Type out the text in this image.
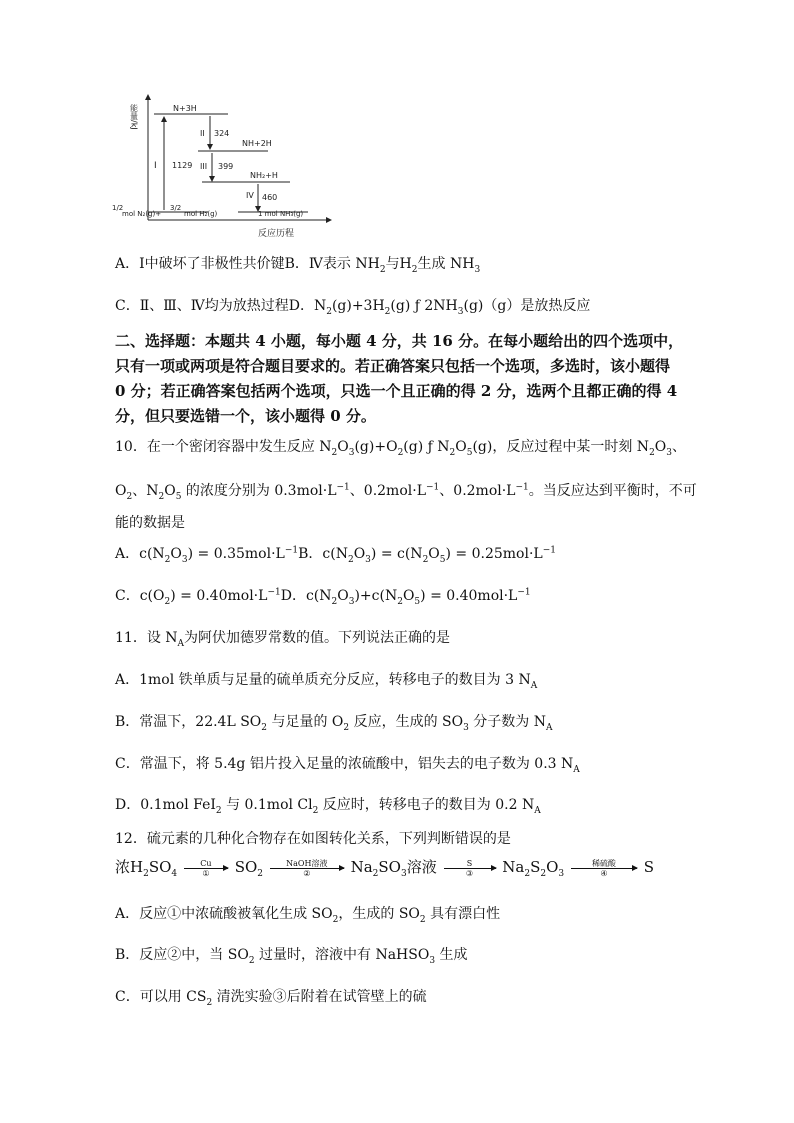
能量/kJ
反应历程
N+3H
NH+2H
NH₂+H
1 mol NH₃(g)
1/2
mol N₂(g)+
3/2
mol H₂(g)
I 1129
II 324
III 399
IV 460
A．Ⅰ中破坏了非极性共价键B．Ⅳ表示 $NH_2$与$H_2$生成 $NH_3$
C．Ⅱ、Ⅲ、Ⅳ均为放热过程D．$N_2(g)+3H_2(g)$ ƒ $2NH_3(g)(g)$是放热反应
二、选择题：本题共 4 小题，每小题 4 分，共 16 分。在每小题给出的四个选项中，
只有一项或两项是符合题目要求的。若正确答案只包括一个选项，多选时，该小题得
0 分；若正确答案包括两个选项，只选一个且正确的得 2 分，选两个且都正确的得 4
分，但只要选错一个，该小题得 0 分。
10．在一个密闭容器中发生反应 $N_2O_3(g)+O_2(g)$ ƒ $N_2O_5(g)$，反应过程中某一时刻 $N_2O_3$、
$O_2$、$N_2O_5$ 的浓度分别为 $0.3mol\cdot L^{-1}$、$0.2mol\cdot L^{-1}$、$0.2mol\cdot L^{-1}$。当反应达到平衡时，不可
能的数据是
A．$c(N_2O_3) = 0.35mol\cdot L^{-1}B$．$c(N_2O_3) = c(N_2O_5) = 0.25mol\cdot L^{-1}$
C．$c(O_2) = 0.40mol\cdot L^{-1}D$．$c(N_2O_3)+c(N_2O_5) = 0.40mol\cdot L^{-1}$
11．设 $N_A$为阿伏加德罗常数的值。下列说法正确的是
A．1mol 铁单质与足量的硫单质充分反应，转移电子的数目为 3 $N_A$
B．常温下，22.4L $SO_2$ 与足量的 $O_2$ 反应，生成的 $SO_3$ 分子数为 $N_A$
C．常温下，将 5.4g 铝片投入足量的浓硫酸中，铝失去的电子数为 0.3 $N_A$
D．0.1mol FeI$_2$ 与 0.1mol $Cl_2$ 反应时，转移电子的数目为 0.2 $N_A$
12．硫元素的几种化合物存在如图转化关系，下列判断错误的是
浓$H_2SO_4$
Cu
①	$SO_2$
NaOH溶液
②	$Na_2SO_3$溶液	S
③	$Na_2S_2O_3$
稀硫酸
④	S
A．反应①中浓硫酸被氧化生成 $SO_2$，生成的 $SO_2$ 具有漂白性
B．反应②中，当 $SO_2$ 过量时，溶液中有 NaHSO$_3$ 生成
C．可以用 $CS_2$ 清洗实验③后附着在试管壁上的硫
